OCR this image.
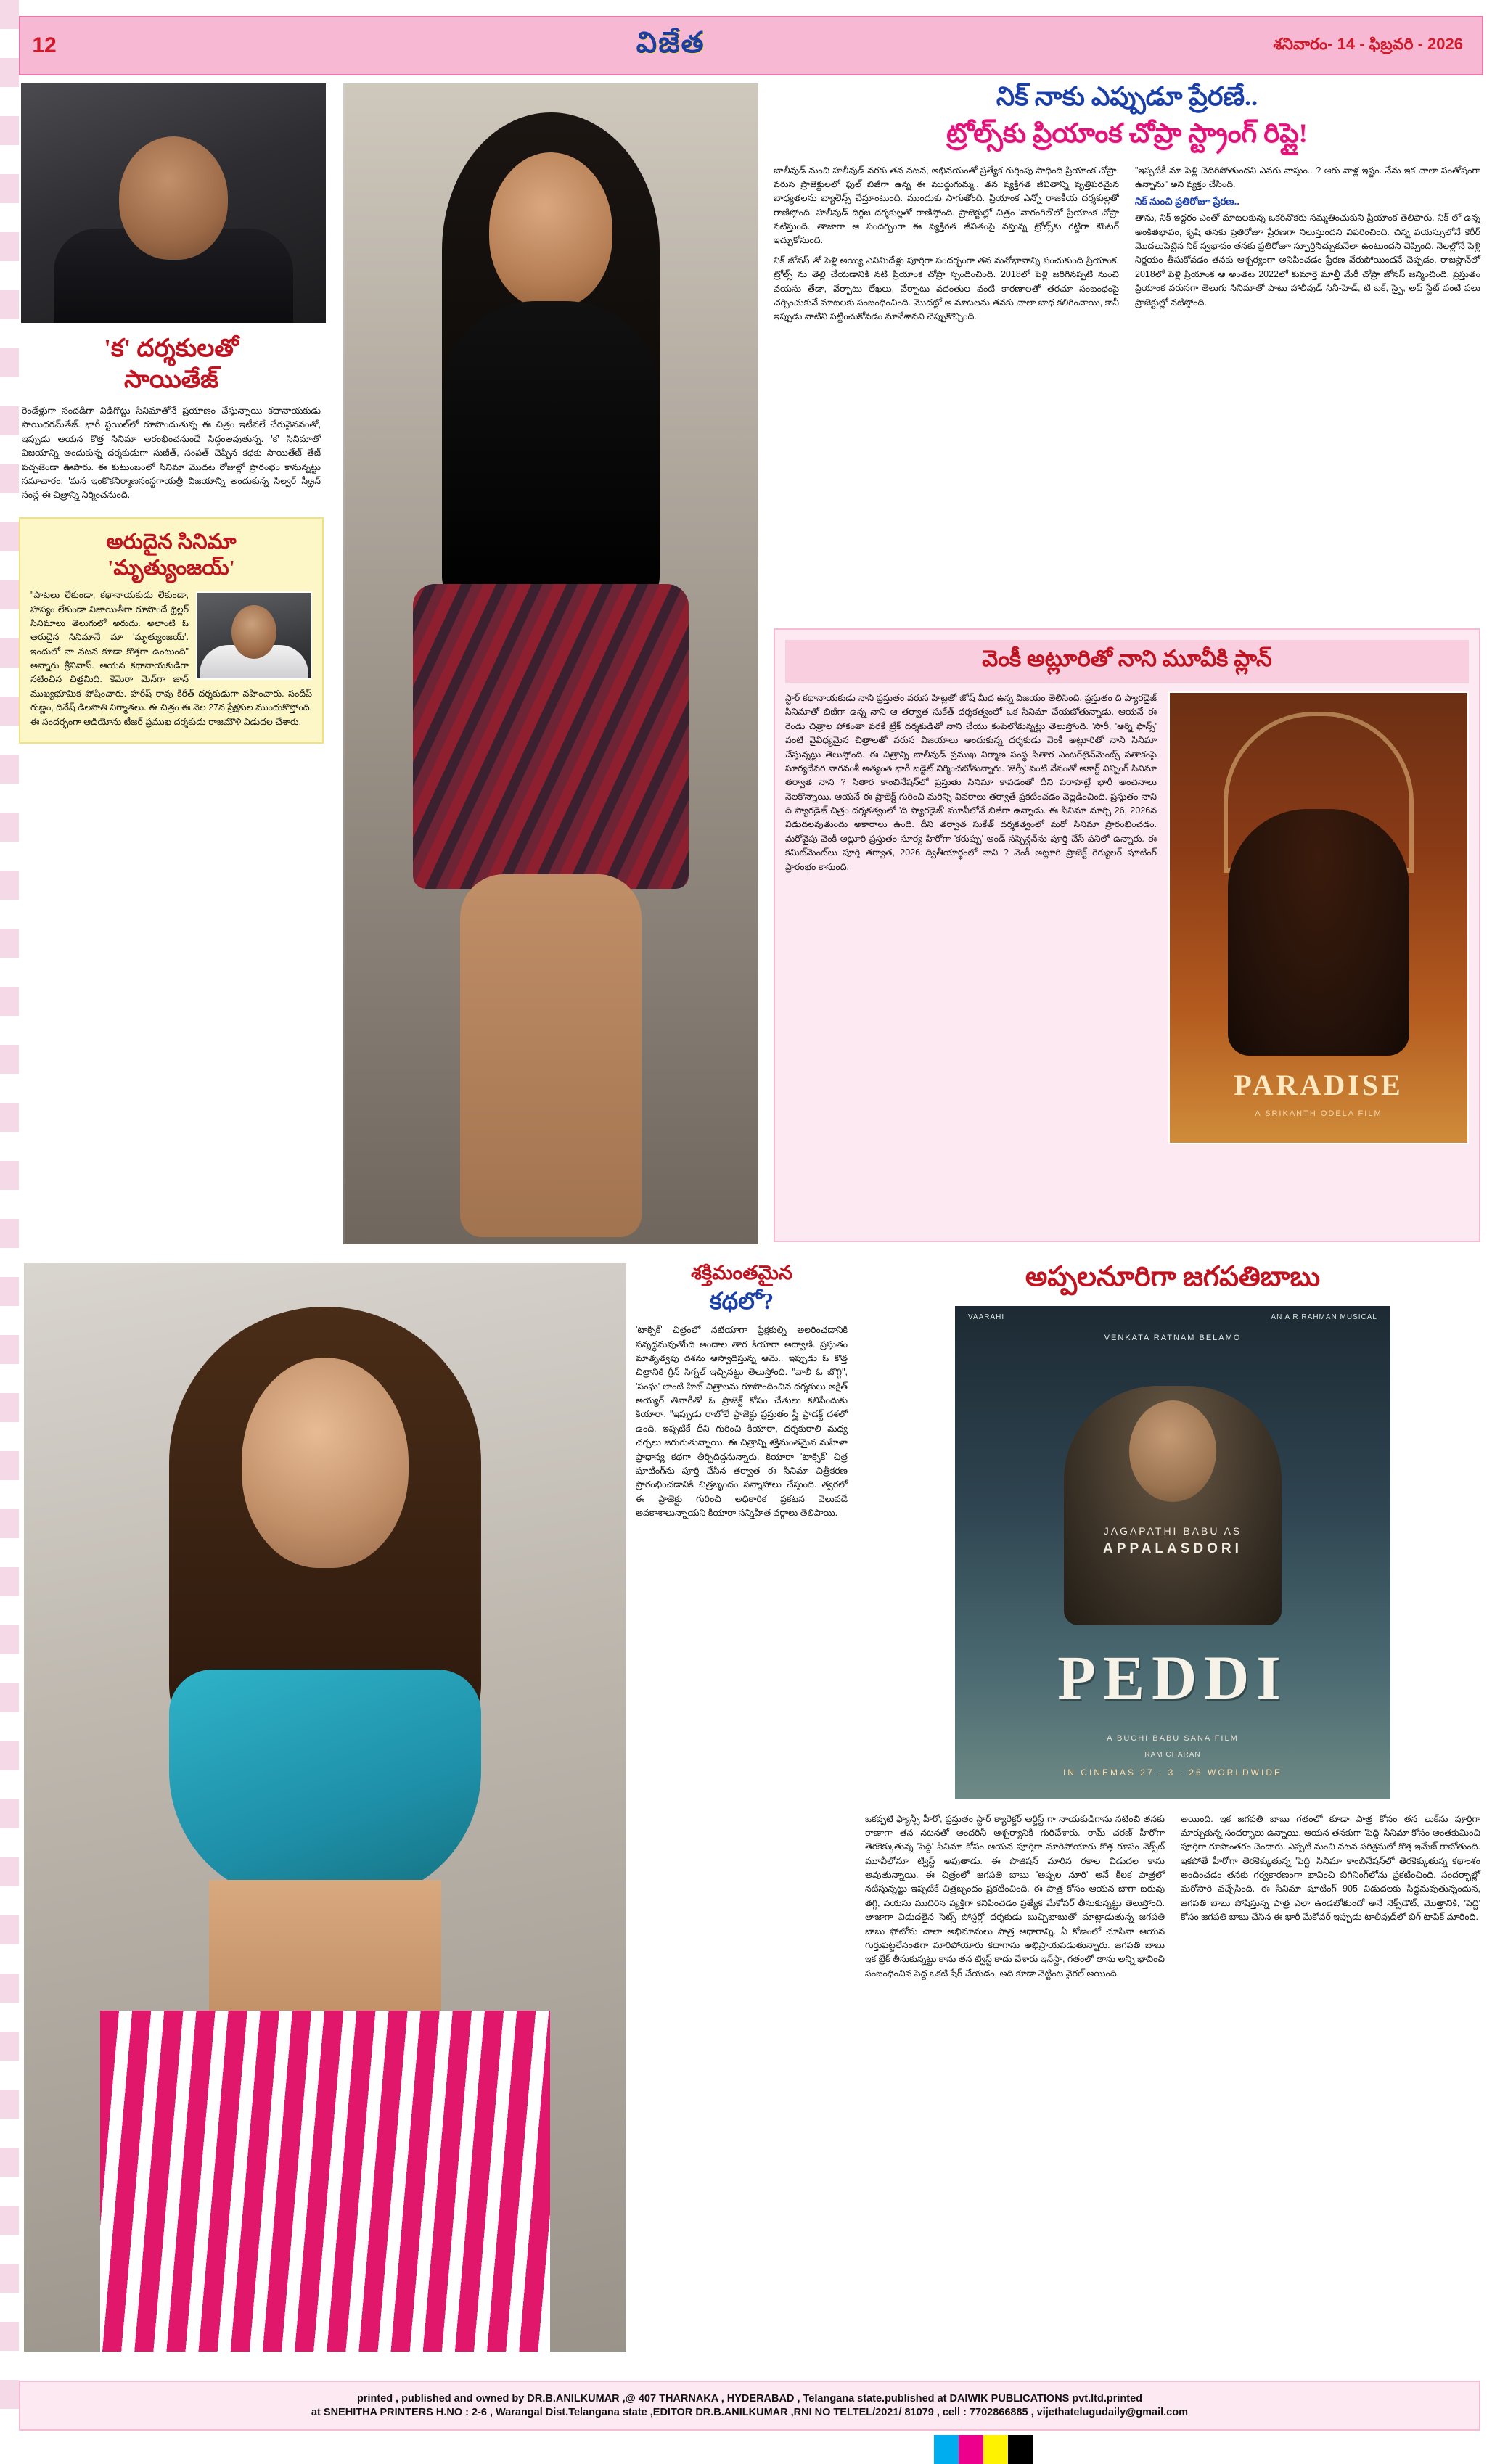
12	వి జేత	శనివారం- 14 - ఫిబ్రవరి - 2026
'క' దర్శకులతో
సాయితేజ్
రెండేళ్లుగా సందడిగా విడిగొట్టు సినిమాతోనే ప్రయాణం చేస్తున్నాయి కథానాయకుడు సాయిధరమ్‌తేజ్. భారీ స్టయిల్‌లో రూపొందుతున్న ఈ చిత్రం ఇటీవలే చేరువైనవంతో, ఇప్పుడు ఆయన కొత్త సినిమా ఆరంభించనుండే సిద్ధంఅవుతున్న. 'క' సినిమాతో విజయాన్ని అందుకున్న దర్శకుడుగా సుజీత్, సంపత్ చెప్పిన కథకు సాయితేజ్ తేజ్ పచ్చజెండా ఊపారు. ఈ కుటుంబంలో సినిమా మొదట రోజుల్లో ప్రారంభం కానున్నట్టు సమాచారం. 'మన ఇంకొకనిర్మాణసంస్థగాయత్రీ విజయాన్ని అందుకున్న సిల్వర్ స్క్రీన్ సంస్థ ఈ చిత్రాన్ని నిర్మించనుంది.
అరుదైన సినిమా
'మృత్యుంజయ్'
"పాటలు లేకుండా, కథానాయకుడు లేకుండా, హాస్యం లేకుండా నిజాయితీగా రూపొందే థ్రిల్లర్ సినిమాలు తెలుగులో అరుదు. అలాంటి ఓ అరుదైన సినిమానే మా 'మృత్యుంజయ్'. ఇందులో నా నటన కూడా కొత్తగా ఉంటుంది" అన్నారు శ్రీనివాస్. ఆయన కథానాయకుడిగా నటించిన చిత్రమిది. కెమెరా మెన్‌గా జాన్ ముఖ్యభూమిక పోషించారు. హరీష్ రావు కీరీత్ దర్శకుడుగా వహించారు. సందీప్ గుణ్ణం, దినేష్ డిలపొతి నిర్మాతలు. ఈ చిత్రం ఈ నెల 27న ప్రేక్షకుల ముందుకొస్తోంది. ఈ సందర్భంగా ఆడియోను టీజర్ ప్రముఖ దర్శకుడు రాజమౌళి విడుదల చేశారు.
నిక్ నాకు ఎప్పుడూ ప్రేరణే..
ట్రోల్స్‌కు ప్రియాంక చోప్రా స్ట్రాంగ్ రిప్లై!
బాలీవుడ్ నుంచి హాలీవుడ్ వరకు తన నటన, అభినయంతో ప్రత్యేక గుర్తింపు సాధింది ప్రియాంక చోప్రా. వరుస ప్రాజెక్టులలో ఫుల్ బిజీగా ఉన్న ఈ ముద్దుగుమ్మ.. తన వ్యక్తిగత జీవితాన్ని వృత్తిపరమైన బాధ్యతలను బ్యాలెన్స్ చేస్తూంటుంది. ముందుకు సాగుతోంది. ప్రియాంక ఎన్నో రాజకీయ దర్శకుల్లతో రాణిస్తోంది. హాలీవుడ్ దిగ్గజ దర్శకుల్లతో రాణిస్తోంది. ప్రాజెక్టుల్లో చిత్రం 'వారంగిల్'లో ప్రియాంక చోప్రా నటిస్తుంది. తాజాగా ఆ సందర్భంగా ఈ వ్యక్తిగత జీవితంపై వస్తున్న ట్రోల్స్‌కు గట్టిగా కౌంటర్ ఇచ్చుకోనుంది.
నిక్ జోనస్ తో పెళ్లి అయ్యి ఎనిమిదేళ్లు పూర్తిగా సందర్భంగా తన మనోభావాన్ని పంచుకుంది ప్రియాంక. ట్రోల్స్ ను తెల్లి చేయడానికి నటి ప్రియాంక చోప్రా స్పందించింది. 2018లో పెళ్లి జరిగినప్పటి నుంచి వయసు తేడా, వేర్పాటు లేఖలు, వేర్పాటు వదంతుల వంటి కారణాలతో తరచూ సంబంధంపై చర్చించుకునే మాటలకు సంబంధించింది. మొదట్లో ఆ మాటలను తనకు చాలా బాధ కలిగించాయి, కానీ ఇప్పుడు వాటిని పట్టించుకోవడం మానేశానని చెప్పుకొచ్చింది.
"ఇప్పటికీ మా పెళ్లి చెదిరిపోతుందని ఎవరు వాస్తుం.. ? ఆరు వాళ్ల ఇష్టం. నేను ఇక చాలా సంతోషంగా ఉన్నాను" అని వ్యక్తం చేసింది.
నిక్ నుంచి ప్రతిరోజూ ప్రేరణ..
తాను, నిక్ ఇద్దరం ఎంతో మాటలకున్న ఒకరినొకరు సమ్మతించుకుని ప్రియాంక తెలిపారు. నిక్ లో ఉన్న అంకితభావం, కృషి తనకు ప్రతిరోజూ ప్రేరణగా నిలుస్తుందని వివరించింది. చిన్న వయస్సులోనే కెరీర్ మొదలుపెట్టిన నిక్ స్వభావం తనకు ప్రతిరోజూ స్ఫూర్తినిచ్చుకునేలా ఉంటుందని చెప్పింది. నెలల్లోనే పెళ్లి నిర్ణయం తీసుకోవడం తనకు ఆశ్చర్యంగా అనిపించడం ప్రేరణ వేరుపోయిందనే చెప్పడం. రాజస్థాన్‌లో 2018లో పెళ్లి ప్రియాంక ఆ అంతట 2022లో కుమార్తె మాల్తీ మేరీ చోప్రా జోనస్ జన్మించింది. ప్రస్తుతం ప్రియాంక వరుసగా తెలుగు సినిమాతో పాటు హాలీవుడ్ సినీ-హెడ్, టి బక్, స్పై, అప్ స్టేట్ వంటి పలు ప్రాజెక్టుల్లో నటిస్తోంది.
వెంకీ అట్లూరితో నాని మూవీకి ప్లాన్
స్టార్ కథానాయకుడు నాని ప్రస్తుతం వరుస హిట్లతో జోష్ మీద ఉన్న విజయం తెలిసింది. ప్రస్తుతం ది ప్యారడైజ్ సినిమాతో బిజీగా ఉన్న నాని ఆ తర్వాత సుకేత్ దర్శకత్వంలో ఒక సినిమా చేయబోతున్నాడు. ఆయనే ఈ రెండు చిత్రాల హాకంతా వరకే ట్రేక్ దర్శకుడితో నాని చేయు కంపెలోతున్నట్లు తెలుస్తోంది. 'సారీ, 'ఆర్ని ఫాన్స్' వంటి వైవిధ్యమైన చిత్రాలతో వరుస విజయాలు అందుకున్న దర్శకుడు వెంకీ అట్లూరితో నాని సినిమా చేస్తున్నట్లు తెలుస్తోంది. ఈ చిత్రాన్ని బాలీవుడ్ ప్రముఖ నిర్మాణ సంస్థ సితార ఎంటర్‌టైన్‌మెంట్స్ పతాకంపై సూర్యదేవర నాగవంశీ అత్యంత భారీ బడ్జెట్ నిర్మించబోతున్నారు. 'జెర్సీ' వంటి నేనంతో అకార్ట్ విన్నింగ్ సినిమా తర్వాత నాని ? సితార కాంబినేషన్‌లో ప్రస్తుతు సినిమా కావడంతో దీని పరాహట్లే భారీ అంచనాలు నెలకొన్నాయి. ఆయనే ఈ ప్రాజెక్ట్ గురించి మరిన్ని వివరాలు తర్వాతే ప్రకటించడం వెల్లడించింది. ప్రస్తుతం నాని ది ప్యారడైజ్ చిత్రం దర్శకత్వంలో 'ది ప్యారడైజ్' మూవీలోనే బిజీగా ఉన్నాడు. ఈ సినిమా మార్చి 26, 2026న విడుదలవుతుందు అకారాలు ఉంది. దీని తర్వాత సుకేత్ దర్శకత్వంలో మరో సినిమా ప్రారంభించడం. మరోవైపు వెంకీ అట్లూరి ప్రస్తుతం సూర్య హీరోగా 'కరుప్పు' అండ్ సస్పెన్షన్‌ను పూర్తి చేసే పనిలో ఉన్నారు. ఈ కమిట్‌మెంట్‌లు పూర్తి తర్వాత, 2026 ద్వితీయార్థంలో నాని ? వెంకీ అట్లూరి ప్రాజెక్ట్ రెగ్యులర్ షూటింగ్ ప్రారంభం కానుంది.
PARADISE
A SRIKANTH ODELA FILM
KOLLYWOOD
శక్తిమంతమైన
కథలో?
'టాక్సిక్' చిత్రంలో నటియాగా ప్రేక్షకుల్ని అలరించడానికి సన్నద్ధమవుతోంది అందాల తార కియారా అద్వాణి. ప్రస్తుతం మాతృత్వపు దశను ఆస్వాదిస్తున్న ఆమె.. ఇప్పుడు ఓ కొత్త చిత్రానికి గ్రీన్ సిగ్నల్ ఇచ్చినట్టు తెలుస్తోంది. "వాలీ ఓ బొగ్గి", 'సంఘ' లాంటి హిట్ చిత్రాలను రూపొందించిన దర్శకులు అక్షిత్ అయ్యర్ తివారీతో ఓ ప్రాజెక్ట్ కోసం చేతులు కలిపేందుకు కియారా. "ఇప్పుడు రాబోలే ప్రాజెక్టు ప్రస్తుతం స్త్రీ ప్రాడక్ట్ దశలో ఉంది. ఇప్పటికే దీని గురించి కియారా, దర్శకురాలి మధ్య చర్చలు జరుగుతున్నాయి. ఈ చిత్రాన్ని శక్తిమంతమైన మహిళా ప్రాధాన్య కథగా తీర్చిదిద్దనున్నారు. కియారా 'టాక్సిక్' చిత్ర షూటింగ్‌ను పూర్తి చేసిన తర్వాత ఈ సినిమా చిత్రీకరణ ప్రారంభించడానికి చిత్రబృందం సన్నాహాలు చేస్తుంది. త్వరలో ఈ ప్రాజెక్టు గురించి అధికారిక ప్రకటన వెలువడే అవకాశాలున్నాయని కియారా సన్నిహిత వర్గాలు తెలిపాయి.
అప్పలనూరిగా జగపతిబాబు
VAARAHI	AN A R RAHMAN MUSICAL
VENKATA RATNAM BELAMO
JAGAPATHI BABU AS
APPALASDORI
PEDDI
A BUCHI BABU SANA FILM
RAM CHARAN
IN CINEMAS 27 . 3 . 26 WORLDWIDE
ఒకప్పటి ఫ్యాన్సీ హీరో, ప్రస్తుతం స్టార్ క్యారెక్టర్ ఆర్టిస్ట్ గా నాయకుడిగాను నటించి తనకు రాణాగా తన నటనతో అందరినీ ఆశ్చర్యానికి గురిచేశారు. రామ్ చరణ్ హీరోగా తెరకెక్కుతున్న 'పెద్ది' సినిమా కోసం ఆయన పూర్తిగా మారిపోయారు కొత్త రూపం నెక్స్‌ట్ మూవీలోనూ ట్విస్ట్ అవుతాడు. ఈ పొజిషన్ మారిన రకాల విడుదల కాను అవుతున్నాయి. ఈ చిత్రంలో జగపతి బాబు 'అప్పల నూరి' అనే కీలక పాత్రలో నటిస్తున్నట్టు ఇప్పటికే చిత్రబృందం ప్రకటించింది. ఈ పాత్ర కోసం ఆయన బాగా బరువు తగ్గి, వయసు ముదిరిన వ్యక్తిగా కనిపించడం ప్రత్యేక మేకోవర్ తీసుకున్నట్టు తెలుస్తోంది. తాజాగా విడుదలైన సెట్స్ పోస్టర్లో దర్శకుడు బుచ్చిబాబుతో మాట్లాడుతున్న జగపతి బాబు ఫోటోను చాలా అభిమానులు పాత్ర ఆధారాన్ని. ఏ కోణంలో చూసినా ఆయన గుర్తుపట్టలేనంతగా మారిపోయారు కథాగాను అభిప్రాయపడుతున్నారు. జగపతి బాబు ఇక బ్రేక్ తీసుకున్నట్టు కాను తన ట్విస్ట్ కాదు చేశారు ఇన్‌స్టా, గతంలో తాను అన్ని భావించి సంబంధించిన పెద్ద ఒకటి షేర్ చేయడం, అది కూడా నెట్టింట వైరల్ అయింది.
అయింది. ఇక జగపతి బాబు గతంలో కూడా పాత్ర కోసం తన లుక్‌ను పూర్తిగా మార్చుకున్న సందర్భాలు ఉన్నాయి. ఆయన తనకుగా 'పెద్ది' సినిమా కోసం అంతకుమించి పూర్తిగా రూపాంతరం చెందారు. ఎప్పటి నుంచి నటన పరిశ్రమలో కొత్త ఇమేజ్ రాబోతుంది. ఇకపోతే హీరోగా తెరకెక్కుతున్న 'పెద్ది' సినిమా కాంబినేషన్‌లో తెరకెక్కుతున్న కథాంశం అందించడం తనకు గర్వకారణంగా భావించి బిగినింగ్‌లోను ప్రకటించింది. సందర్భాల్లో మరోసారి వచ్చేసింది. ఈ సినిమా షూటింగ్ 905 విడుదలకు సిద్ధమవుతున్నందున, జగపతి బాబు పోషిస్తున్న పాత్ర ఎలా ఉండబోతుందో అనే నెక్స్‌డౌట్, మొత్తానికి, 'పెద్ది' కోసం జగపతి బాబు చేసిన ఈ భారీ మేకోవర్ ఇప్పుడు టాలీవుడ్‌లో బిగ్ టాపిక్ మారింది.

printed , published and owned by DR.B.ANILKUMAR ,@ 407 THARNAKA , HYDERABAD , Telangana state.published at DAIWIK PUBLICATIONS pvt.ltd.printed

at SNEHITHA PRINTERS H.NO : 2-6 , Warangal Dist.Telangana state ,EDITOR DR.B.ANILKUMAR ,RNI NO TELTEL/2021/ 81079 , cell : 7702866885 , vijethatelugudaily@gmail.com
